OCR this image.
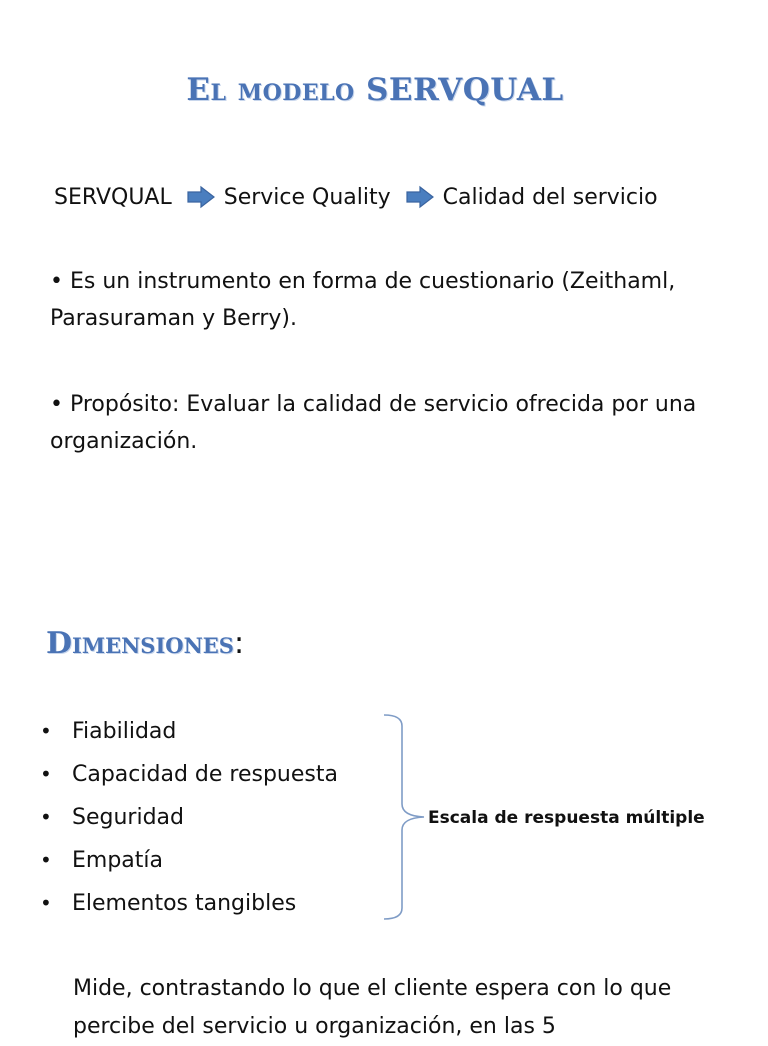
El modelo SERVQUAL
SERVQUAL Service Quality Calidad del servicio
• Es un instrumento en forma de cuestionario (Zeithaml, Parasuraman y Berry).
• Propósito: Evaluar la calidad de servicio ofrecida por una organización.
Dimensiones:
• Fiabilidad
• Capacidad de respuesta
• Seguridad
• Empatía
• Elementos tangibles
Escala de respuesta múltiple
Mide, contrastando lo que el cliente espera con lo que percibe del servicio u organización, en las 5
